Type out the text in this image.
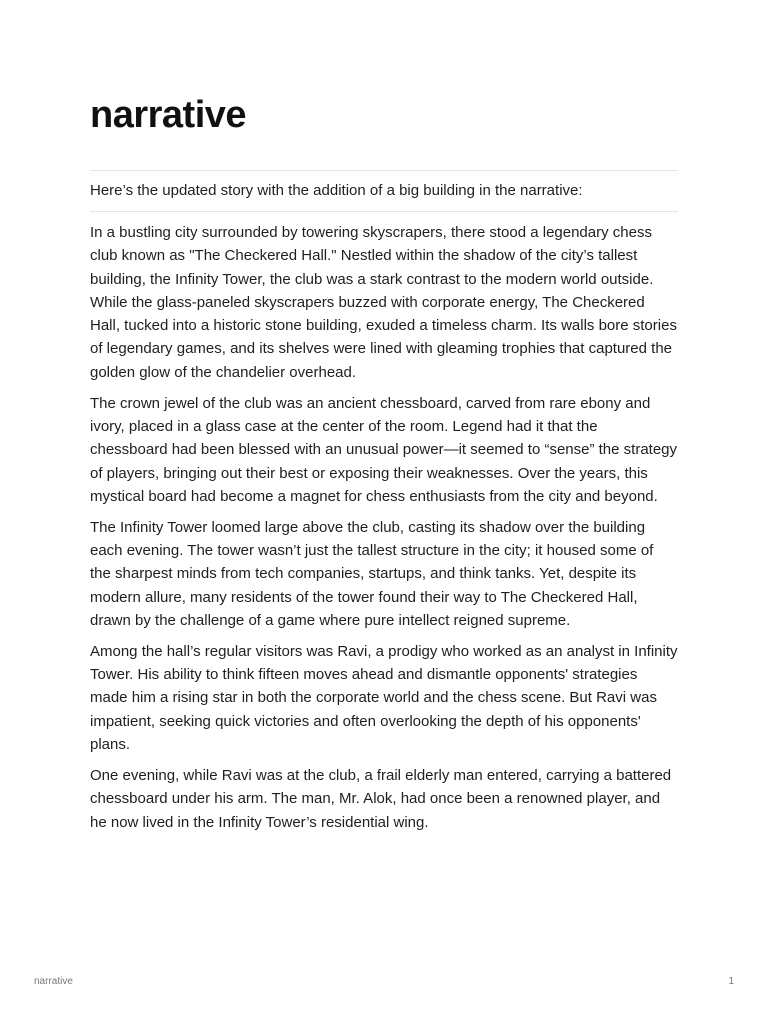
narrative
Here’s the updated story with the addition of a big building in the narrative:

In a bustling city surrounded by towering skyscrapers, there stood a legendary chess club known as "The Checkered Hall." Nestled within the shadow of the city’s tallest building, the Infinity Tower, the club was a stark contrast to the modern world outside. While the glass-paneled skyscrapers buzzed with corporate energy, The Checkered Hall, tucked into a historic stone building, exuded a timeless charm. Its walls bore stories of legendary games, and its shelves were lined with gleaming trophies that captured the golden glow of the chandelier overhead.

The crown jewel of the club was an ancient chessboard, carved from rare ebony and ivory, placed in a glass case at the center of the room. Legend had it that the chessboard had been blessed with an unusual power—it seemed to “sense” the strategy of players, bringing out their best or exposing their weaknesses. Over the years, this mystical board had become a magnet for chess enthusiasts from the city and beyond.

The Infinity Tower loomed large above the club, casting its shadow over the building each evening. The tower wasn’t just the tallest structure in the city; it housed some of the sharpest minds from tech companies, startups, and think tanks. Yet, despite its modern allure, many residents of the tower found their way to The Checkered Hall, drawn by the challenge of a game where pure intellect reigned supreme.

Among the hall’s regular visitors was Ravi, a prodigy who worked as an analyst in Infinity Tower. His ability to think fifteen moves ahead and dismantle opponents' strategies made him a rising star in both the corporate world and the chess scene. But Ravi was impatient, seeking quick victories and often overlooking the depth of his opponents' plans.

One evening, while Ravi was at the club, a frail elderly man entered, carrying a battered chessboard under his arm. The man, Mr. Alok, had once been a renowned player, and he now lived in the Infinity Tower’s residential wing.

narrative	1
